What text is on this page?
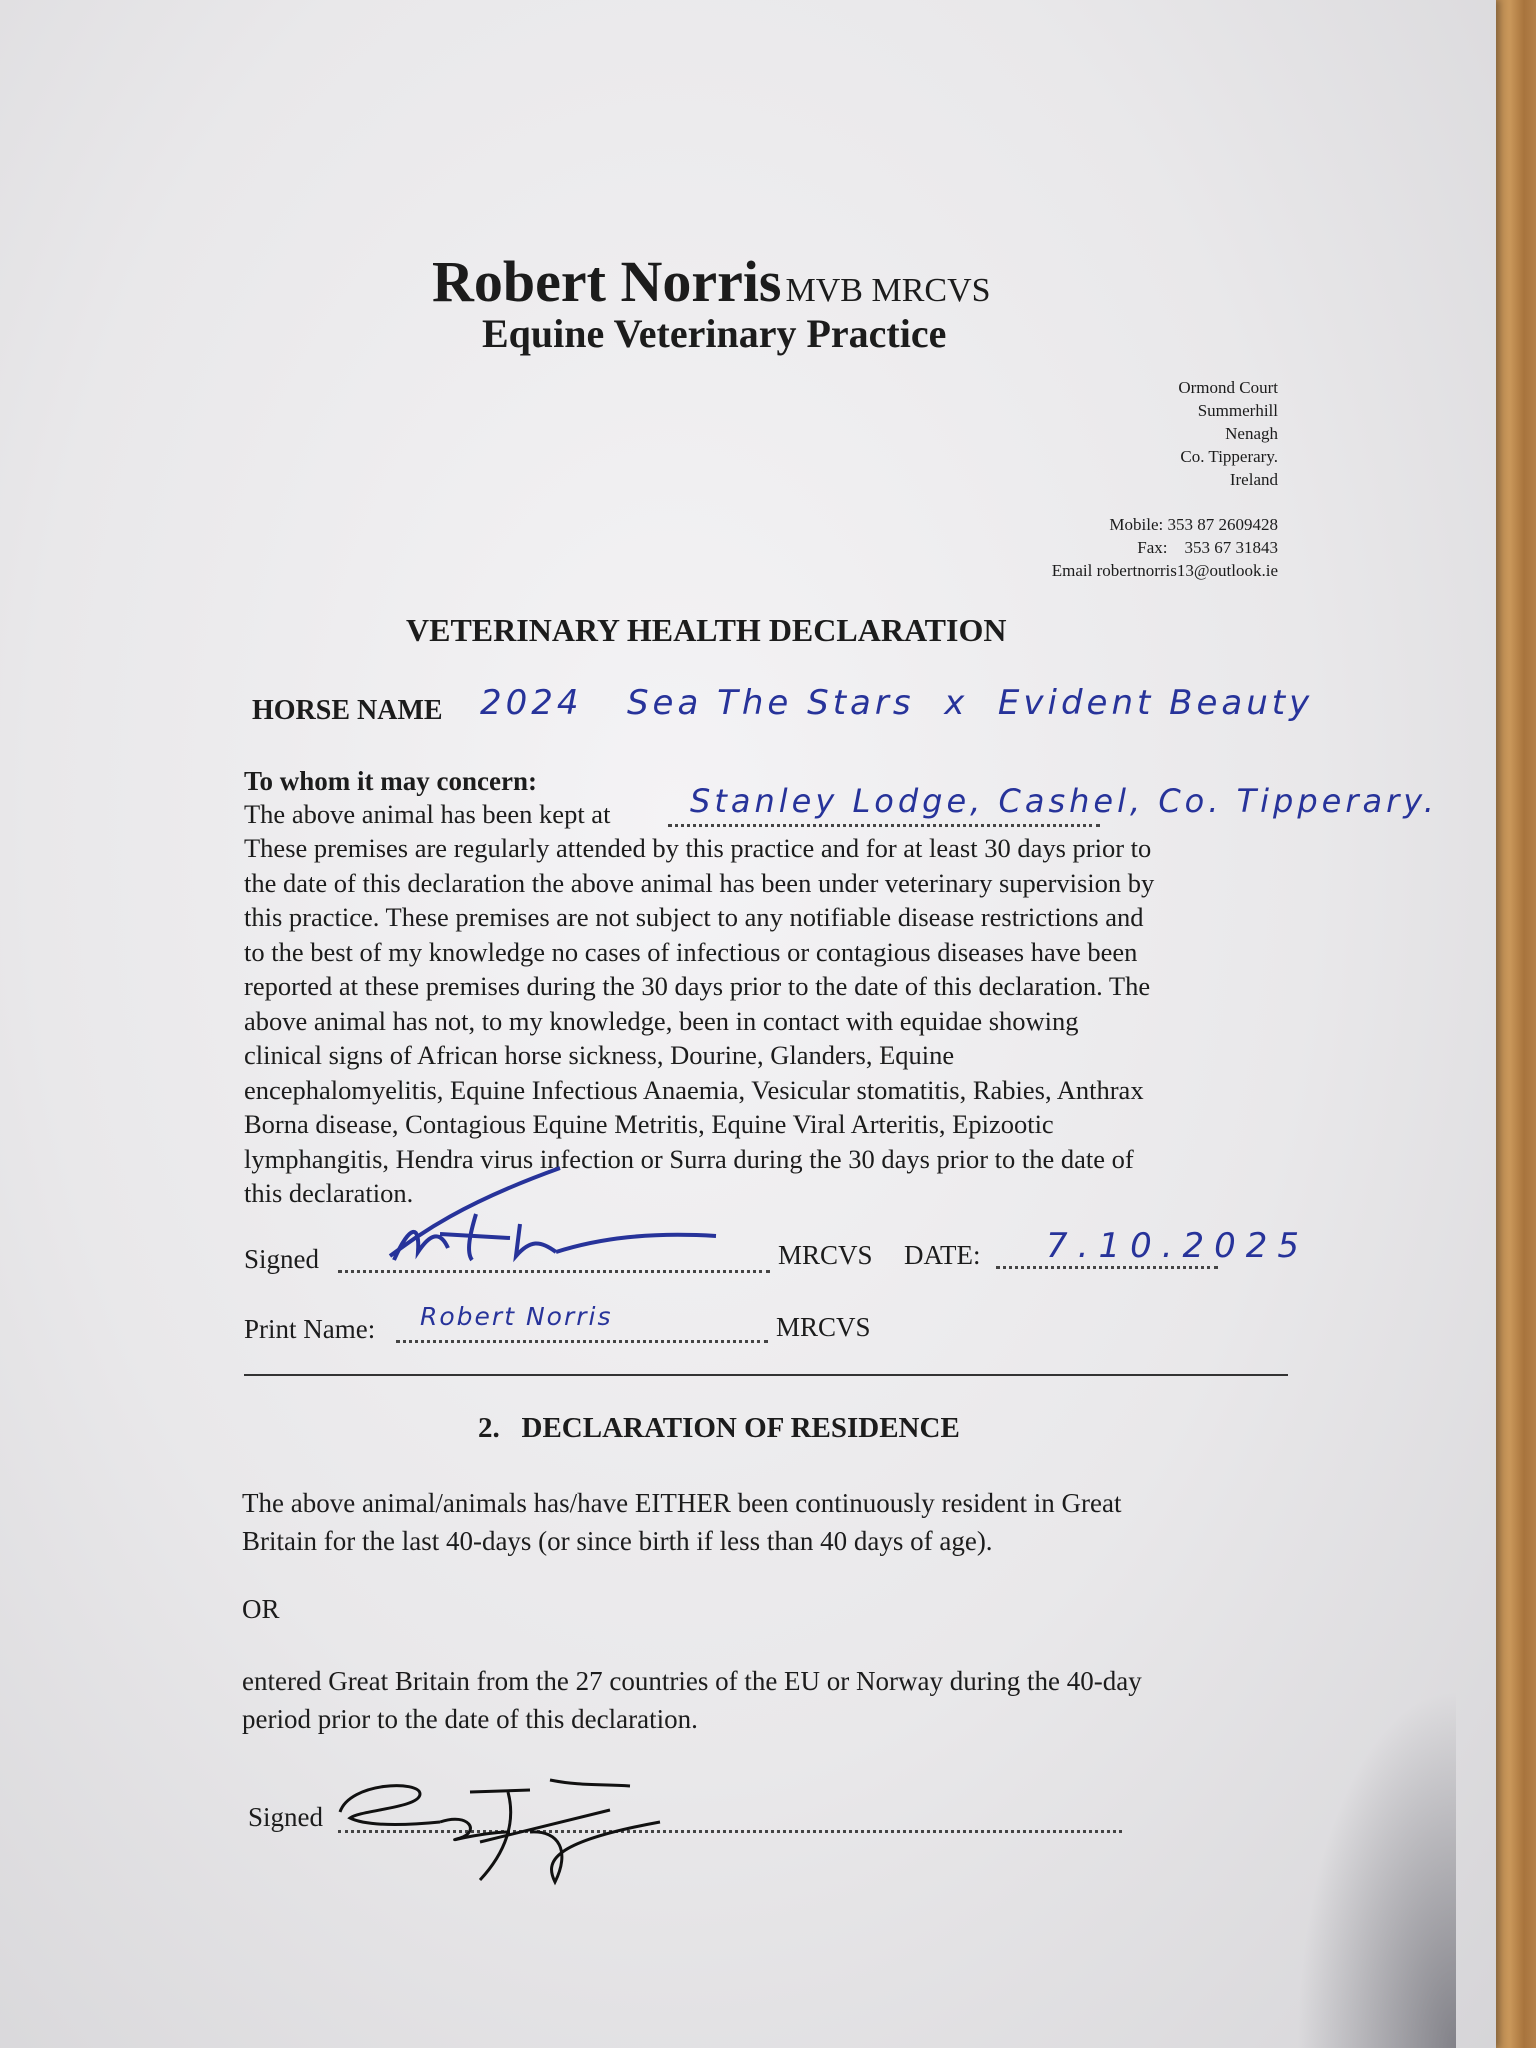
Robert Norris MVB MRCVS
Equine Veterinary Practice
Ormond Court
Summerhill
Nenagh
Co. Tipperary.
Ireland
Mobile: 353 87 2609428
Fax:    353 67 31843
Email robertnorris13@outlook.ie
VETERINARY HEALTH DECLARATION
HORSE NAME 2024   Sea The Stars  x  Evident Beauty
To whom it may concern:
The above animal has been kept at Stanley Lodge, Cashel, Co. Tipperary.
These premises are regularly attended by this practice and for at least 30 days prior to
the date of this declaration the above animal has been under veterinary supervision by
this practice. These premises are not subject to any notifiable disease restrictions and
to the best of my knowledge no cases of infectious or contagious diseases have been
reported at these premises during the 30 days prior to the date of this declaration. The
above animal has not, to my knowledge, been in contact with equidae showing
clinical signs of African horse sickness, Dourine, Glanders, Equine
encephalomyelitis, Equine Infectious Anaemia, Vesicular stomatitis, Rabies, Anthrax
Borna disease, Contagious Equine Metritis, Equine Viral Arteritis, Epizootic
lymphangitis, Hendra virus infection or Surra during the 30 days prior to the date of
this declaration.
Signed	MRCVS DATE: 7.10.2025
Print Name:	MRCVS
Robert Norris
2.   DECLARATION OF RESIDENCE
The above animal/animals has/have EITHER been continuously resident in Great
Britain for the last 40-days (or since birth if less than 40 days of age).
OR
entered Great Britain from the 27 countries of the EU or Norway during the 40-day
period prior to the date of this declaration.
Signed
